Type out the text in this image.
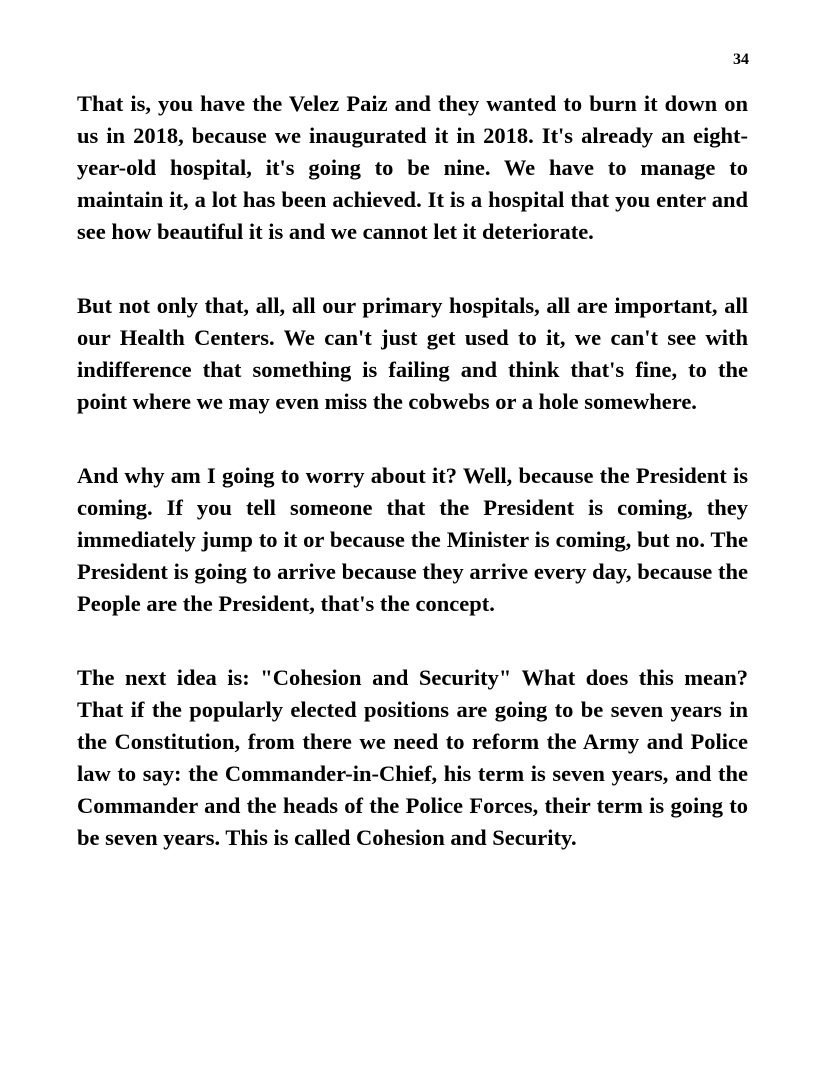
34

That is, you have the Velez Paiz and they wanted to burn it down on us in 2018, because we inaugurated it in 2018. It's already an eight-year-old hospital, it's going to be nine. We have to manage to maintain it, a lot has been achieved. It is a hospital that you enter and see how beautiful it is and we cannot let it deteriorate.

But not only that, all, all our primary hospitals, all are important, all our Health Centers. We can't just get used to it, we can't see with indifference that something is failing and think that's fine, to the point where we may even miss the cobwebs or a hole somewhere.

And why am I going to worry about it? Well, because the President is coming. If you tell someone that the President is coming, they immediately jump to it or because the Minister is coming, but no. The President is going to arrive because they arrive every day, because the People are the President, that's the concept.

The next idea is: "Cohesion and Security" What does this mean? That if the popularly elected positions are going to be seven years in the Constitution, from there we need to reform the Army and Police law to say: the Commander-in-Chief, his term is seven years, and the Commander and the heads of the Police Forces, their term is going to be seven years. This is called Cohesion and Security.
